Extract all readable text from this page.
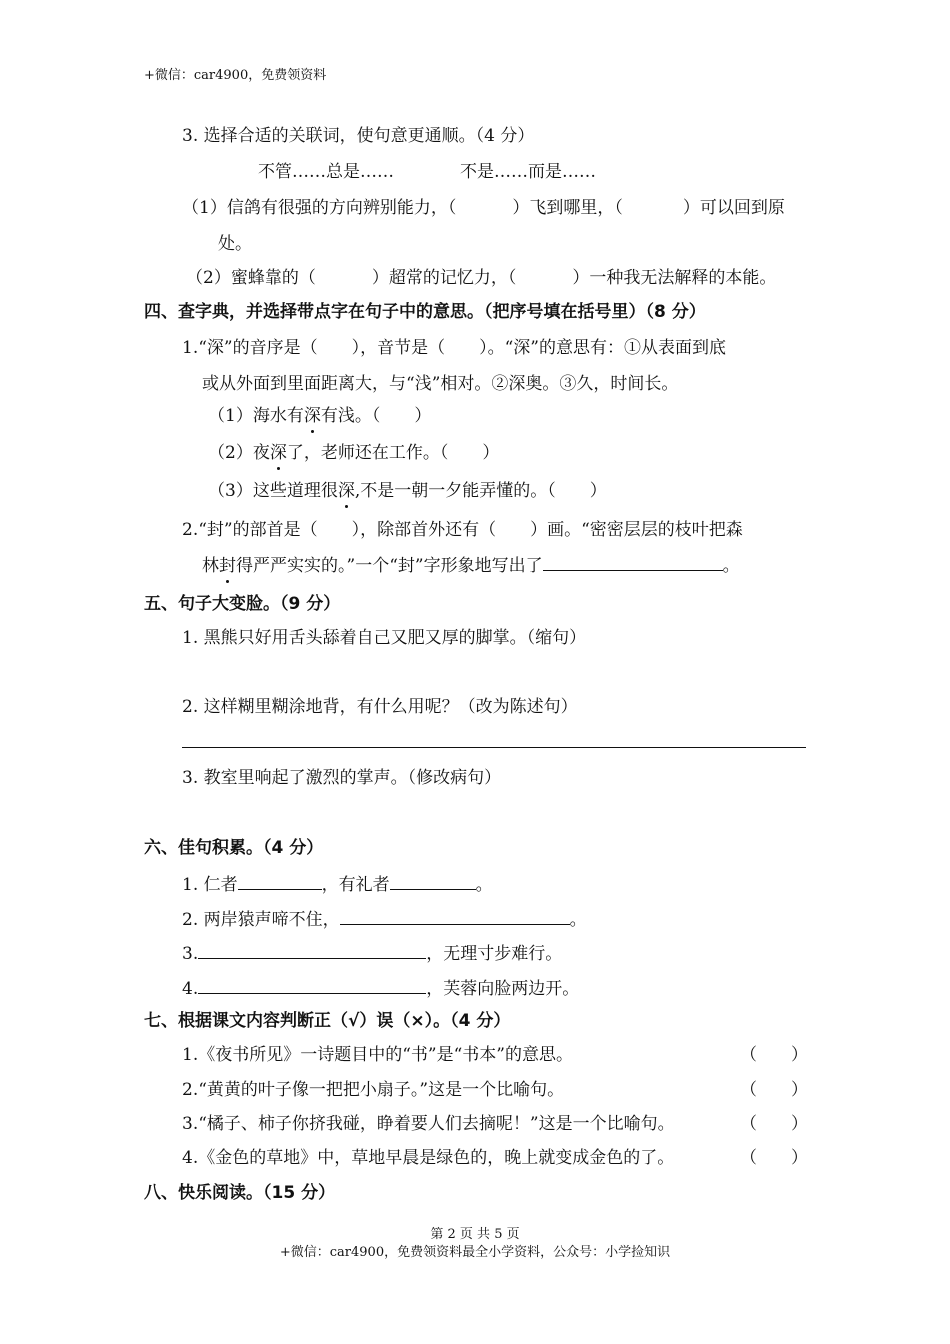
+微信：car4900，免费领资料
3. 选择合适的关联词，使句意更通顺。（4 分）
不管……总是……	不是……而是……
（1）信鸽有很强的方向辨别能力，（	）飞到哪里，（	）可以回到原
处。
（2）蜜蜂靠的（	）超常的记忆力，（	）一种我无法解释的本能。
四、查字典，并选择带点字在句子中的意思。（把序号填在括号里）（8 分）
1.“深”的音序是（　　），音节是（　　）。“深”的意思有：①从表面到底
或从外面到里面距离大，与“浅”相对。②深奥。③久，时间长。
（1）海水有深有浅。（　　）
（2）夜深了，老师还在工作。（　　）
（3）这些道理很深,不是一朝一夕能弄懂的。（　　）
2.“封”的部首是（　　），除部首外还有（　　）画。“密密层层的枝叶把森
林封得严严实实的。”一个“封”字形象地写出了	。
五、句子大变脸。（9 分）
1. 黑熊只好用舌头舔着自己又肥又厚的脚掌。（缩句）
2. 这样糊里糊涂地背，有什么用呢？（改为陈述句）
3. 教室里响起了激烈的掌声。（修改病句）
六、佳句积累。（4 分）
1. 仁者	，有礼者	。
2. 两岸猿声啼不住，	。
3.	，无理寸步难行。
4.	，芙蓉向脸两边开。
七、根据课文内容判断正（√）误（×）。（4 分）
1.《夜书所见》一诗题目中的“书”是“书本”的意思。	（　　）
2.“黄黄的叶子像一把把小扇子。”这是一个比喻句。	（　　）
3.“橘子、柿子你挤我碰，睁着要人们去摘呢！”这是一个比喻句。	（　　）
4.《金色的草地》中，草地早晨是绿色的，晚上就变成金色的了。	（　　）
八、快乐阅读。（15 分）
第 2 页 共 5 页
+微信：car4900，免费领资料最全小学资料，公众号：小学捡知识
